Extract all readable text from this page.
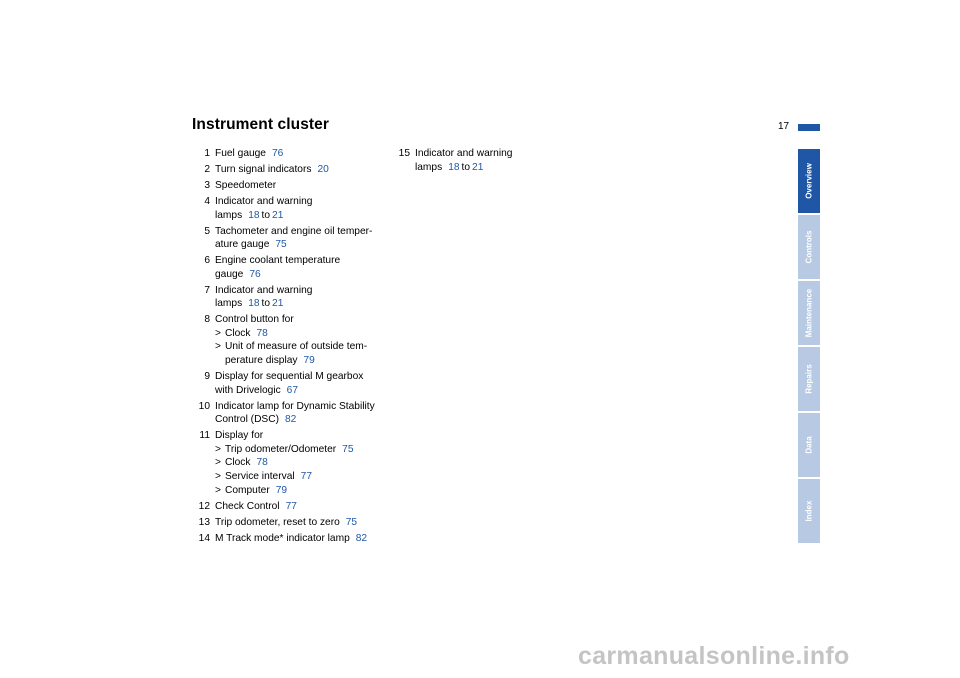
Instrument cluster	17
1 Fuel gauge 76
2 Turn signal indicators 20
3 Speedometer
4 Indicator and warning
lamps 18 to 21
5 Tachometer and engine oil temper-
ature gauge 75
6 Engine coolant temperature
gauge 76
7 Indicator and warning
lamps 18 to 21
8 Control button for
> Clock 78
> Unit of measure of outside tem-
perature display 79
9 Display for sequential M gearbox
with Drivelogic 67
10 Indicator lamp for Dynamic Stability
Control (DSC) 82
11 Display for
> Trip odometer/Odometer 75
> Clock 78
> Service interval 77
> Computer 79
12 Check Control 77
13 Trip odometer, reset to zero 75
14 M Track mode* indicator lamp 82
15 Indicator and warning
lamps 18 to 21	Overview
Controls
Maintenance
Repairs
Data
Index
carmanualsonline.info
